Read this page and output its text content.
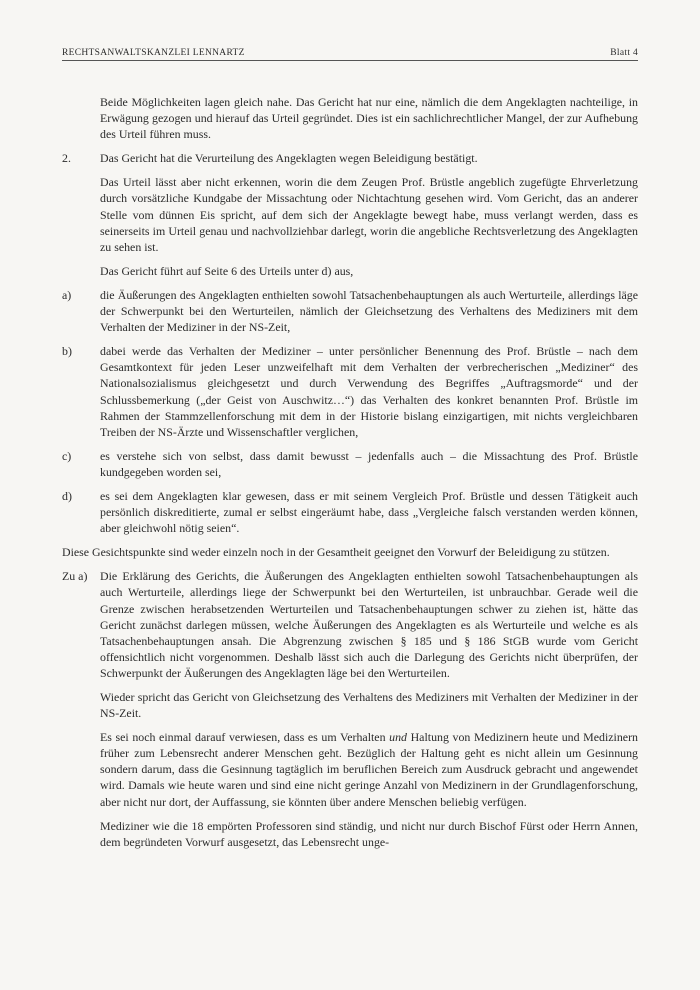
RECHTSANWALTSKANZLEI LENNARTZ	Blatt 4

Beide Möglichkeiten lagen gleich nahe. Das Gericht hat nur eine, nämlich die dem Angeklagten nachteilige, in Erwägung gezogen und hierauf das Urteil gegründet. Dies ist ein sachlichrechtlicher Mangel, der zur Aufhebung des Urteil führen muss.

2. Das Gericht hat die Verurteilung des Angeklagten wegen Beleidigung bestätigt.

Das Urteil lässt aber nicht erkennen, worin die dem Zeugen Prof. Brüstle angeblich zugefügte Ehrverletzung durch vorsätzliche Kundgabe der Missachtung oder Nichtachtung gesehen wird. Vom Gericht, das an anderer Stelle vom dünnen Eis spricht, auf dem sich der Angeklagte bewegt habe, muss verlangt werden, dass es seinerseits im Urteil genau und nachvollziehbar darlegt, worin die angebliche Rechtsverletzung des Angeklagten zu sehen ist.

Das Gericht führt auf Seite 6 des Urteils unter d) aus,

a) die Äußerungen des Angeklagten enthielten sowohl Tatsachenbehauptungen als auch Werturteile, allerdings läge der Schwerpunkt bei den Werturteilen, nämlich der Gleichsetzung des Verhaltens des Mediziners mit dem Verhalten der Mediziner in der NS-Zeit,
b) dabei werde das Verhalten der Mediziner – unter persönlicher Benennung des Prof. Brüstle – nach dem Gesamtkontext für jeden Leser unzweifelhaft mit dem Verhalten der verbrecherischen „Mediziner“ des Nationalsozialismus gleichgesetzt und durch Verwendung des Begriffes „Auftragsmorde“ und der Schlussbemerkung („der Geist von Auschwitz…“) das Verhalten des konkret benannten Prof. Brüstle im Rahmen der Stammzellenforschung mit dem in der Historie bislang einzigartigen, mit nichts vergleichbaren Treiben der NS-Ärzte und Wissenschaftler verglichen,
c) es verstehe sich von selbst, dass damit bewusst – jedenfalls auch – die Missachtung des Prof. Brüstle kundgegeben worden sei,
d) es sei dem Angeklagten klar gewesen, dass er mit seinem Vergleich Prof. Brüstle und dessen Tätigkeit auch persönlich diskreditierte, zumal er selbst eingeräumt habe, dass „Vergleiche falsch verstanden werden können, aber gleichwohl nötig seien“.

Diese Gesichtspunkte sind weder einzeln noch in der Gesamtheit geeignet den Vorwurf der Beleidigung zu stützen.

Zu a) Die Erklärung des Gerichts, die Äußerungen des Angeklagten enthielten sowohl Tatsachenbehauptungen als auch Werturteile, allerdings liege der Schwerpunkt bei den Werturteilen, ist unbrauchbar. Gerade weil die Grenze zwischen herabsetzenden Werturteilen und Tatsachenbehauptungen schwer zu ziehen ist, hätte das Gericht zunächst darlegen müssen, welche Äußerungen des Angeklagten es als Werturteile und welche es als Tatsachenbehauptungen ansah. Die Abgrenzung zwischen § 185 und § 186 StGB wurde vom Gericht offensichtlich nicht vorgenommen. Deshalb lässt sich auch die Darlegung des Gerichts nicht überprüfen, der Schwerpunkt der Äußerungen des Angeklagten läge bei den Werturteilen.

Wieder spricht das Gericht von Gleichsetzung des Verhaltens des Mediziners mit Verhalten der Mediziner in der NS-Zeit.

Es sei noch einmal darauf verwiesen, dass es um Verhalten und Haltung von Medizinern heute und Medizinern früher zum Lebensrecht anderer Menschen geht. Bezüglich der Haltung geht es nicht allein um Gesinnung sondern darum, dass die Gesinnung tagtäglich im beruflichen Bereich zum Ausdruck gebracht und angewendet wird. Damals wie heute waren und sind eine nicht geringe Anzahl von Medizinern in der Grundlagenforschung, aber nicht nur dort, der Auffassung, sie könnten über andere Menschen beliebig verfügen.

Mediziner wie die 18 empörten Professoren sind ständig, und nicht nur durch Bischof Fürst oder Herrn Annen, dem begründeten Vorwurf ausgesetzt, das Lebensrecht unge-
